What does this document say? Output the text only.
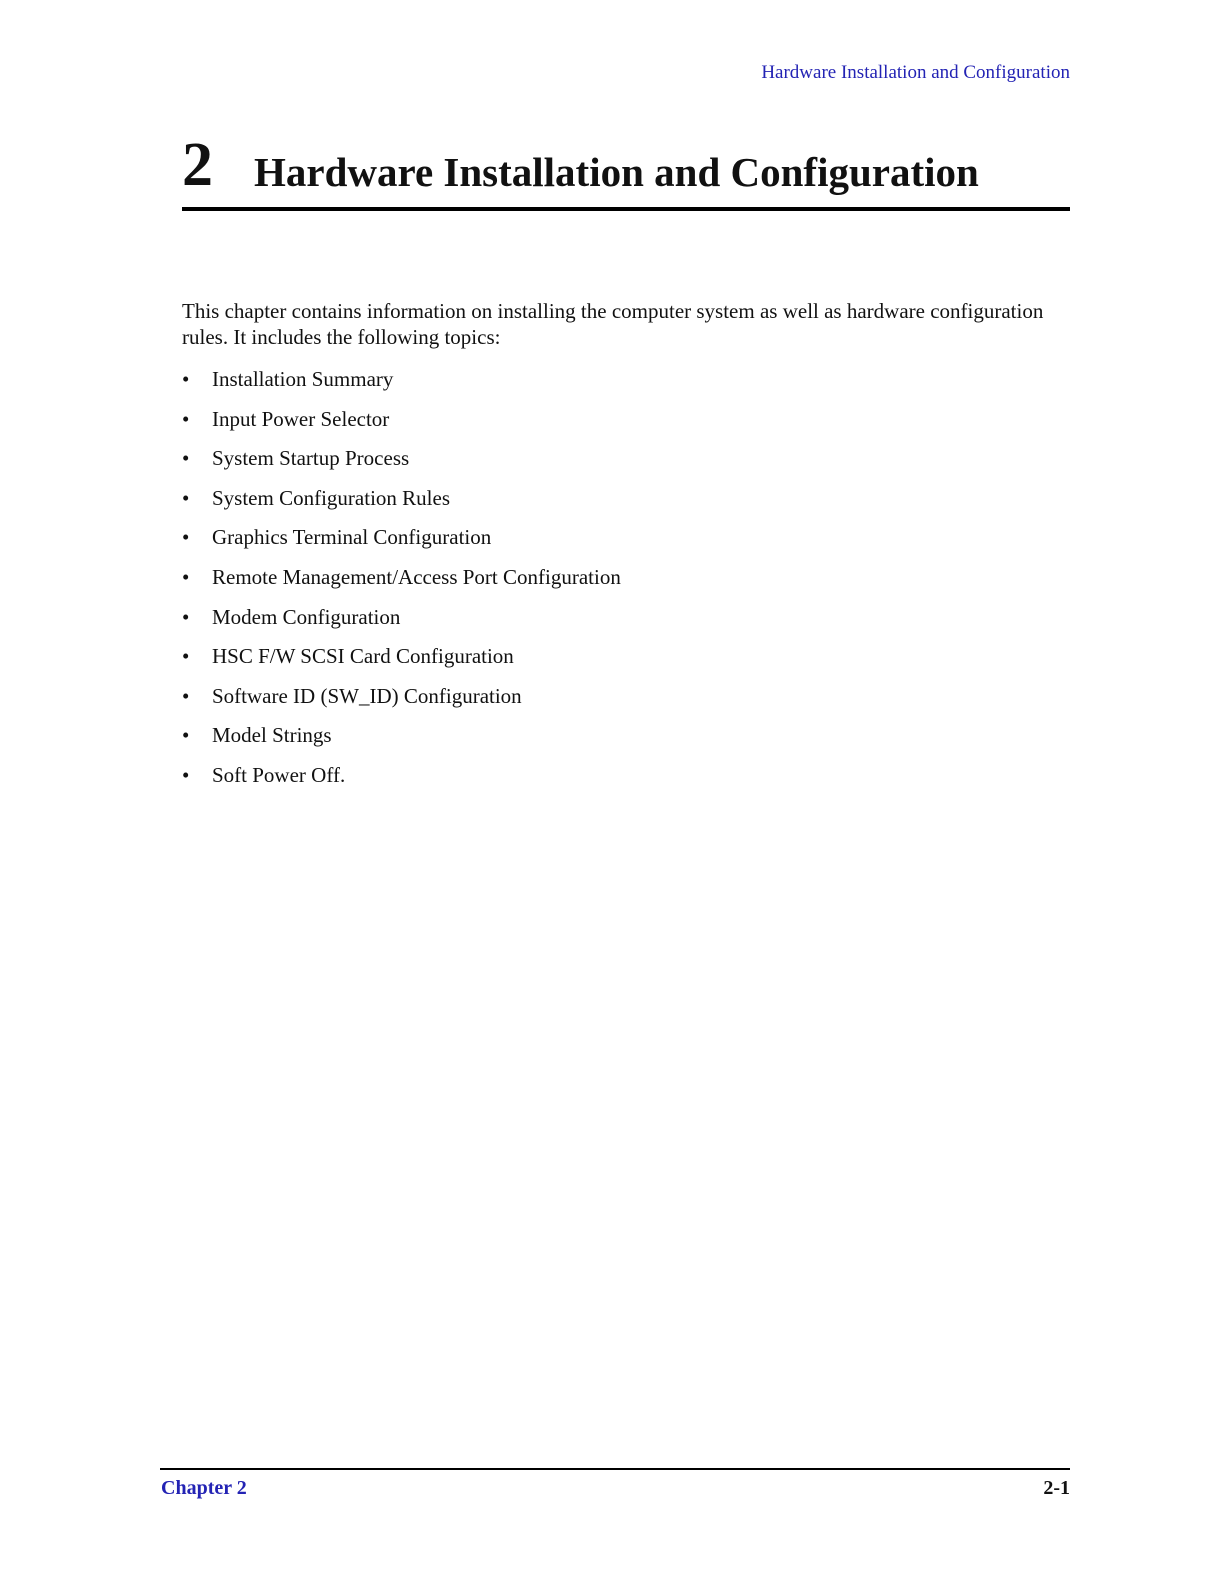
Hardware Installation and Configuration
2 Hardware Installation and Configuration

This chapter contains information on installing the computer system as well as hardware configuration rules. It includes the following topics:

• Installation Summary
• Input Power Selector
• System Startup Process
• System Configuration Rules
• Graphics Terminal Configuration
• Remote Management/Access Port Configuration
• Modem Configuration
• HSC F/W SCSI Card Configuration
• Software ID (SW_ID) Configuration
• Model Strings
• Soft Power Off.
Chapter 2	2-1
